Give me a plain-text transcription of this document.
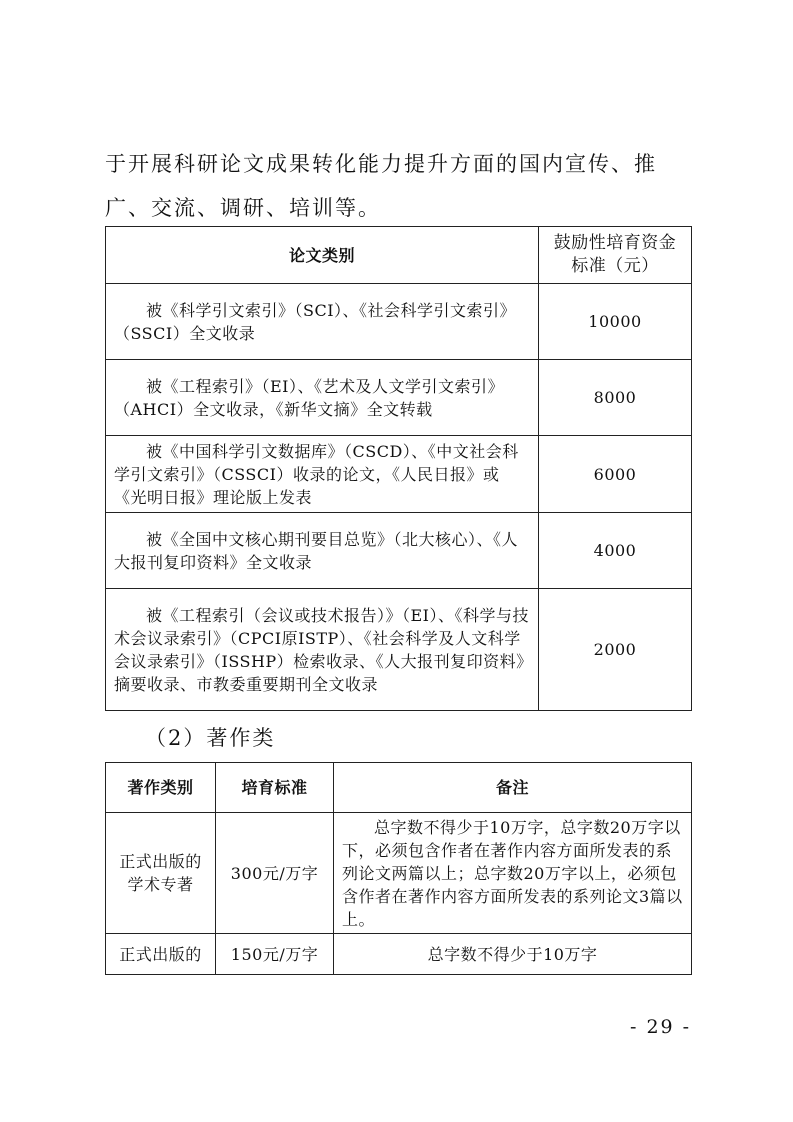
于开展科研论文成果转化能力提升方面的国内宣传、推广、交流、调研、培训等。

论文类别	鼓励性培育资金标准（元）
被《科学引文索引》（SCI）、《社会科学引文索引》（SSCI）全文收录	10000
被《工程索引》（EI）、《艺术及人文学引文索引》（AHCI）全文收录，《新华文摘》全文转载	8000
被《中国科学引文数据库》（CSCD）、《中文社会科学引文索引》（CSSCI）收录的论文，《人民日报》或《光明日报》理论版上发表	6000
被《全国中文核心期刊要目总览》（北大核心）、《人大报刊复印资料》全文收录	4000
被《工程索引（会议或技术报告）》（EI）、《科学与技术会议录索引》（CPCI原ISTP）、《社会科学及人文科学会议录索引》（ISSHP）检索收录、《人大报刊复印资料》摘要收录、市教委重要期刊全文收录	2000

（2）著作类

著作类别	培育标准	备注
正式出版的学术专著	300元/万字	总字数不得少于10万字，总字数20万字以下，必须包含作者在著作内容方面所发表的系列论文两篇以上；总字数20万字以上，必须包含作者在著作内容方面所发表的系列论文3篇以上。
正式出版的	150元/万字	总字数不得少于10万字
- 29 -
